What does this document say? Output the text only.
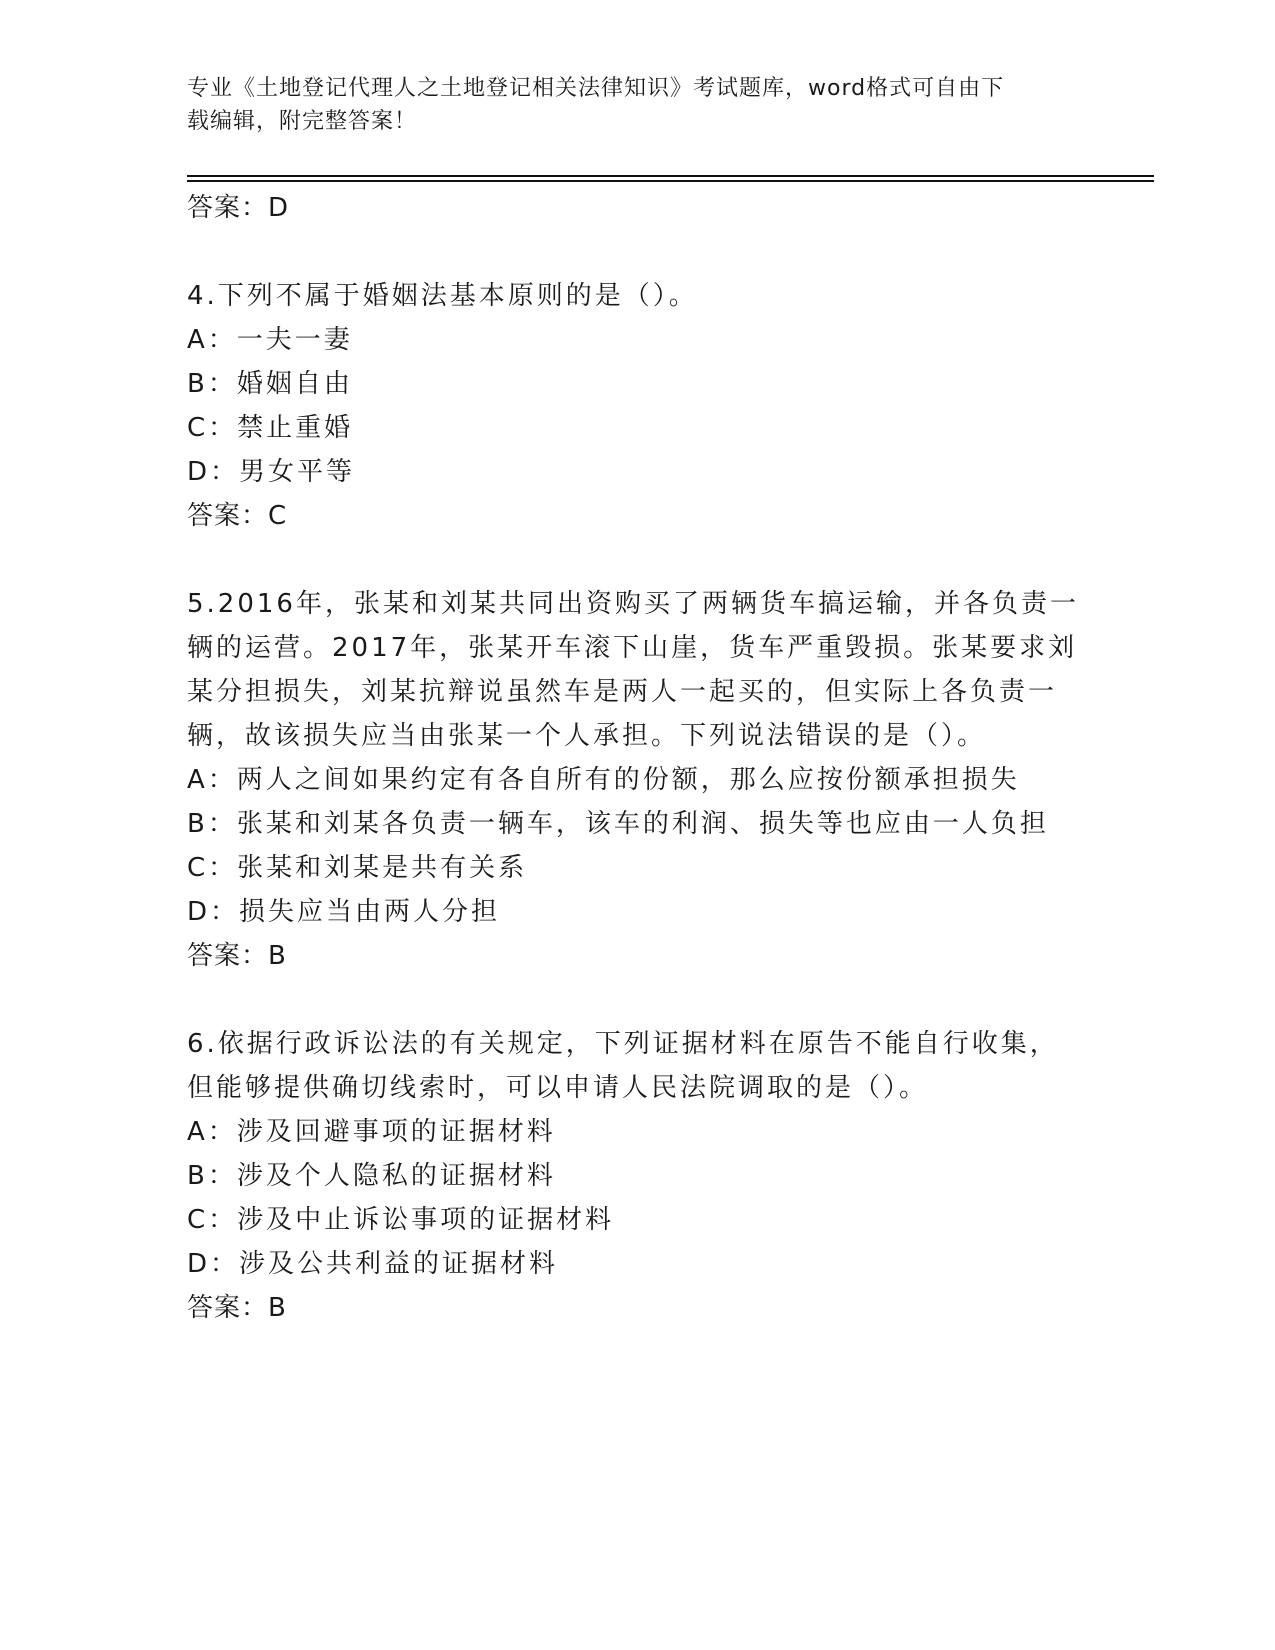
专业《土地登记代理人之土地登记相关法律知识》考试题库，word格式可自由下
载编辑，附完整答案！
答案：D
4.下列不属于婚姻法基本原则的是（）。
A：一夫一妻
B：婚姻自由
C：禁止重婚
D：男女平等
答案：C
5.2016年，张某和刘某共同出资购买了两辆货车搞运输，并各负责一
辆的运营。2017年，张某开车滚下山崖，货车严重毁损。张某要求刘
某分担损失，刘某抗辩说虽然车是两人一起买的，但实际上各负责一
辆，故该损失应当由张某一个人承担。下列说法错误的是（）。
A：两人之间如果约定有各自所有的份额，那么应按份额承担损失
B：张某和刘某各负责一辆车，该车的利润、损失等也应由一人负担
C：张某和刘某是共有关系
D：损失应当由两人分担
答案：B
6.依据行政诉讼法的有关规定，下列证据材料在原告不能自行收集，
但能够提供确切线索时，可以申请人民法院调取的是（）。
A：涉及回避事项的证据材料
B：涉及个人隐私的证据材料
C：涉及中止诉讼事项的证据材料
D：涉及公共利益的证据材料
答案：B
